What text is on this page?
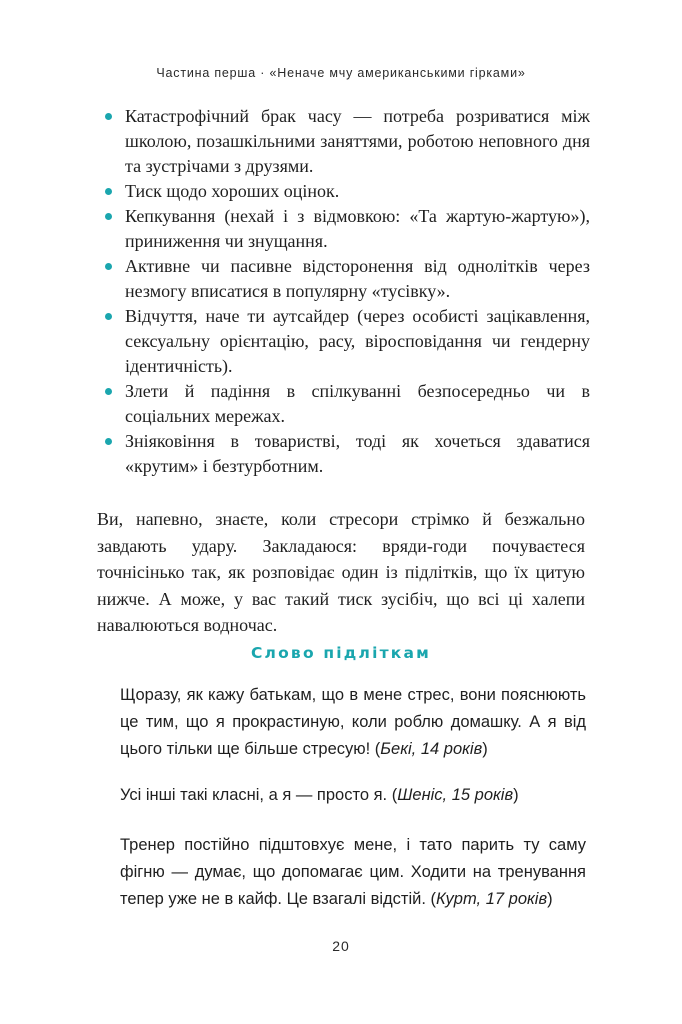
Частина перша · «Неначе мчу американськими гірками»
Катастрофічний брак часу — потреба розриватися між школою, позашкільними заняттями, роботою неповного дня та зустрічами з друзями.
Тиск щодо хороших оцінок.
Кепкування (нехай і з відмовкою: «Та жартую-жартую»), приниження чи знущання.
Активне чи пасивне відсторонення від однолітків через незмогу вписатися в популярну «тусівку».
Відчуття, наче ти аутсайдер (через особисті зацікавлення, сексуальну орієнтацію, расу, віросповідання чи гендерну ідентичність).
Злети й падіння в спілкуванні безпосередньо чи в соціальних мережах.
Зніяковіння в товаристві, тоді як хочеться здаватися «крутим» і безтурботним.

Ви, напевно, знаєте, коли стресори стрімко й безжально завдають удару. Закладаюся: вряди-годи почуваєтеся точнісінько так, як розповідає один із підлітків, що їх цитую нижче. А може, у вас такий тиск зусібіч, що всі ці халепи навалюються водночас.

Слово підліткам

Щоразу, як кажу батькам, що в мене стрес, вони пояснюють це тим, що я прокрастиную, коли роблю домашку. А я від цього тільки ще більше стресую! (Бекі, 14 років)

Усі інші такі класні, а я — просто я. (Шеніс, 15 років)

Тренер постійно підштовхує мене, і тато парить ту саму фігню — думає, що допомагає цим. Ходити на тренування тепер уже не в кайф. Це взагалі відстій. (Курт, 17 років)

20
